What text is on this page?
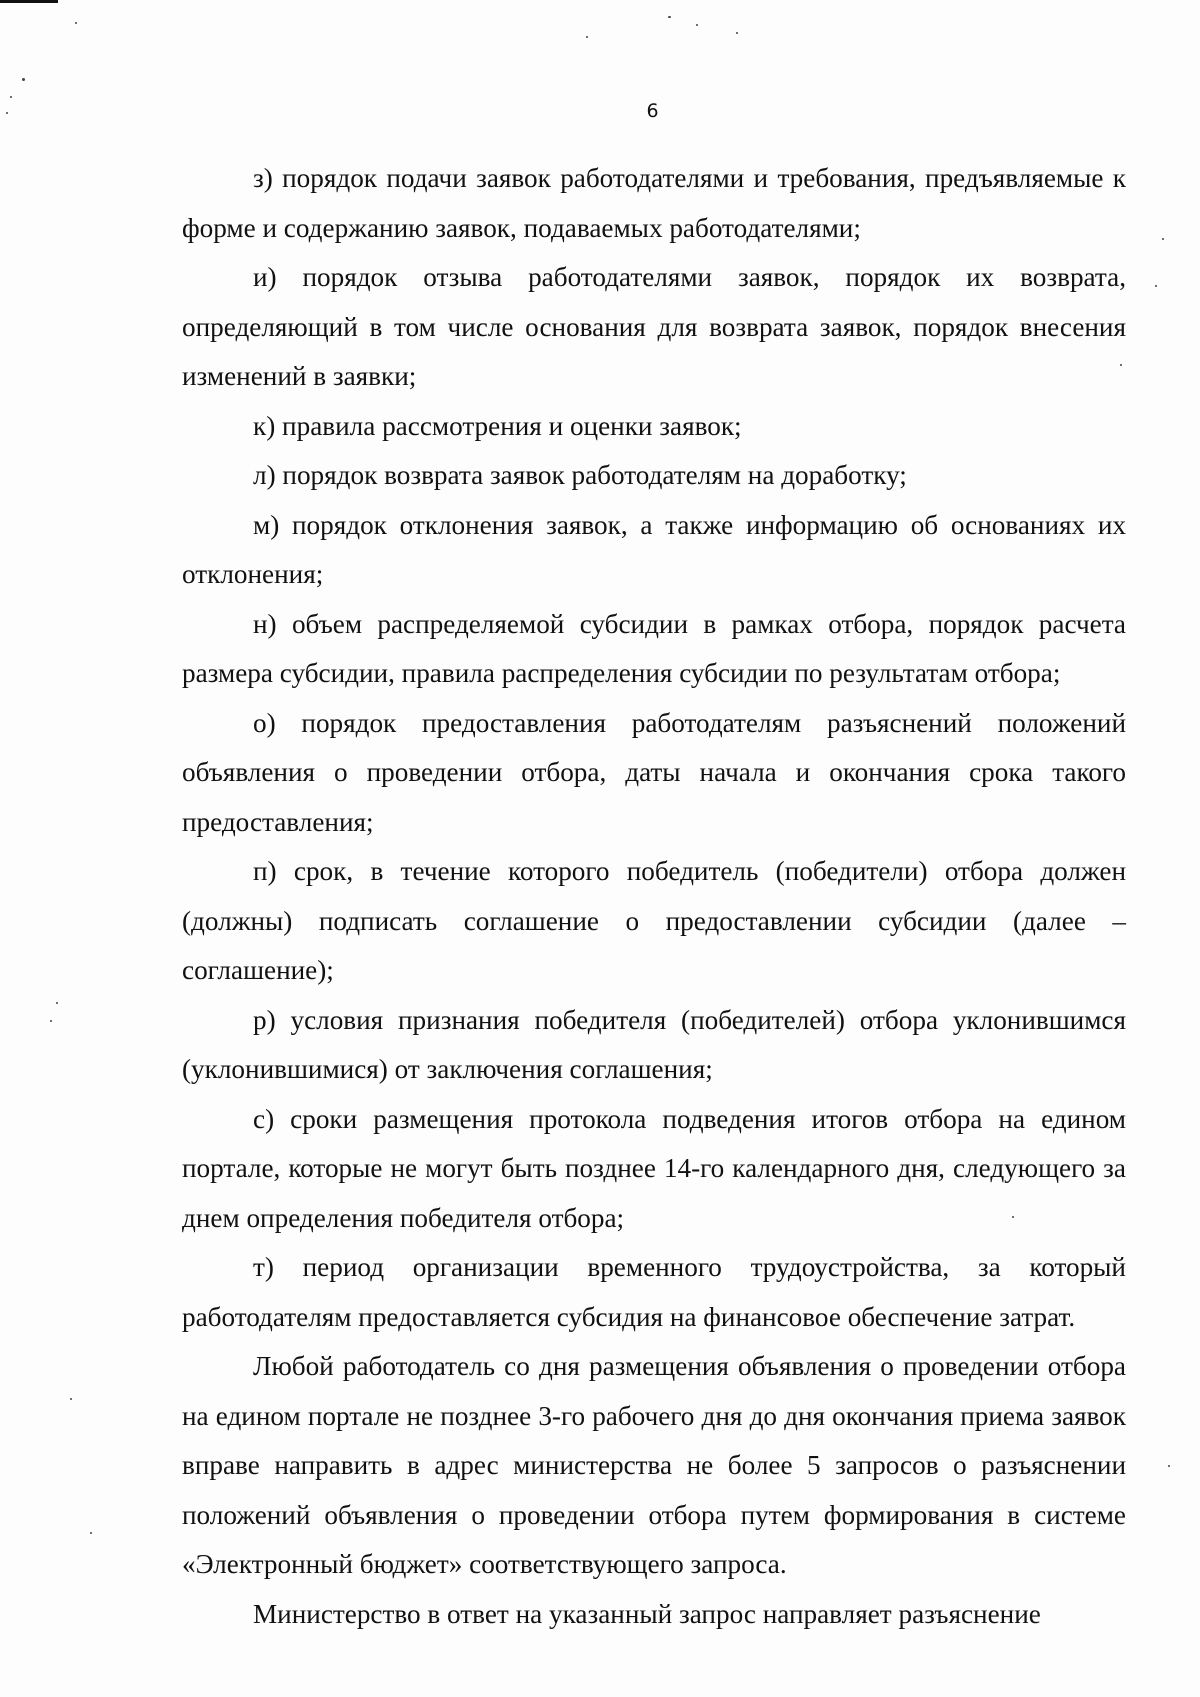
6

з) порядок подачи заявок работодателями и требования, предъявляемые к форме и содержанию заявок, подаваемых работодателями;

и) порядок отзыва работодателями заявок, порядок их возврата, определяющий в том числе основания для возврата заявок, порядок внесения изменений в заявки;

к) правила рассмотрения и оценки заявок;

л) порядок возврата заявок работодателям на доработку;

м) порядок отклонения заявок, а также информацию об основаниях их отклонения;

н) объем распределяемой субсидии в рамках отбора, порядок расчета размера субсидии, правила распределения субсидии по результатам отбора;

о) порядок предоставления работодателям разъяснений положений объявления о проведении отбора, даты начала и окончания срока такого предоставления;

п) срок, в течение которого победитель (победители) отбора должен (должны) подписать соглашение о предоставлении субсидии (далее – соглашение);

р) условия признания победителя (победителей) отбора уклонившимся (уклонившимися) от заключения соглашения;

с) сроки размещения протокола подведения итогов отбора на едином портале, которые не могут быть позднее 14-го календарного дня, следующего за днем определения победителя отбора;

т) период организации временного трудоустройства, за который работодателям предоставляется субсидия на финансовое обеспечение затрат.

Любой работодатель со дня размещения объявления о проведении отбора на едином портале не позднее 3-го рабочего дня до дня окончания приема заявок вправе направить в адрес министерства не более 5 запросов о разъяснении положений объявления о проведении отбора путем формирования в системе «Электронный бюджет» соответствующего запроса.

Министерство в ответ на указанный запрос направляет разъяснение
